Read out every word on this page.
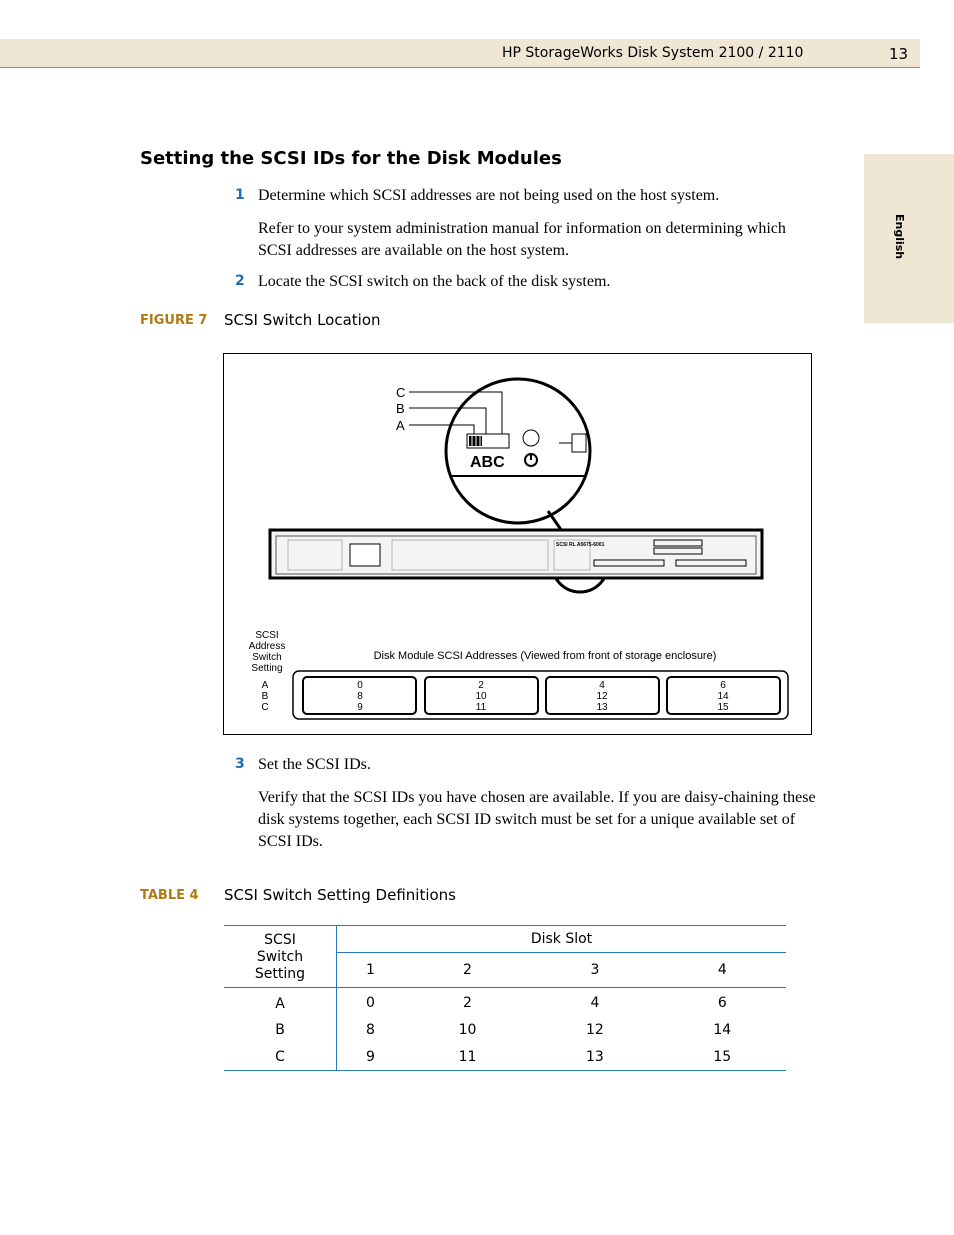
HP StorageWorks Disk System 2100 / 2110	13
English
Setting the SCSI IDs for the Disk Modules
1 Determine which SCSI addresses are not being used on the host system.
Refer to your system administration manual for information on determining which SCSI addresses are available on the host system.
2 Locate the SCSI switch on the back of the disk system.
FIGURE 7 SCSI Switch Location
ABC
C
B
A
SCSI RL A5675-6001
SCSI
Address
Switch
Setting
A
B
C
Disk Module SCSI Addresses (Viewed from front of storage enclosure)
0
8
9
2
10
11
4
12
13
6
14
15
3 Set the SCSI IDs.
Verify that the SCSI IDs you have chosen are available. If you are daisy-chaining these disk systems together, each SCSI ID switch must be set for a unique available set of SCSI IDs.
TABLE 4 SCSI Switch Setting Definitions
SCSI
Switch
Setting	Disk Slot			
	1	2	3	4
A	0	2	4	6
B	8	10	12	14
C	9	11	13	15
